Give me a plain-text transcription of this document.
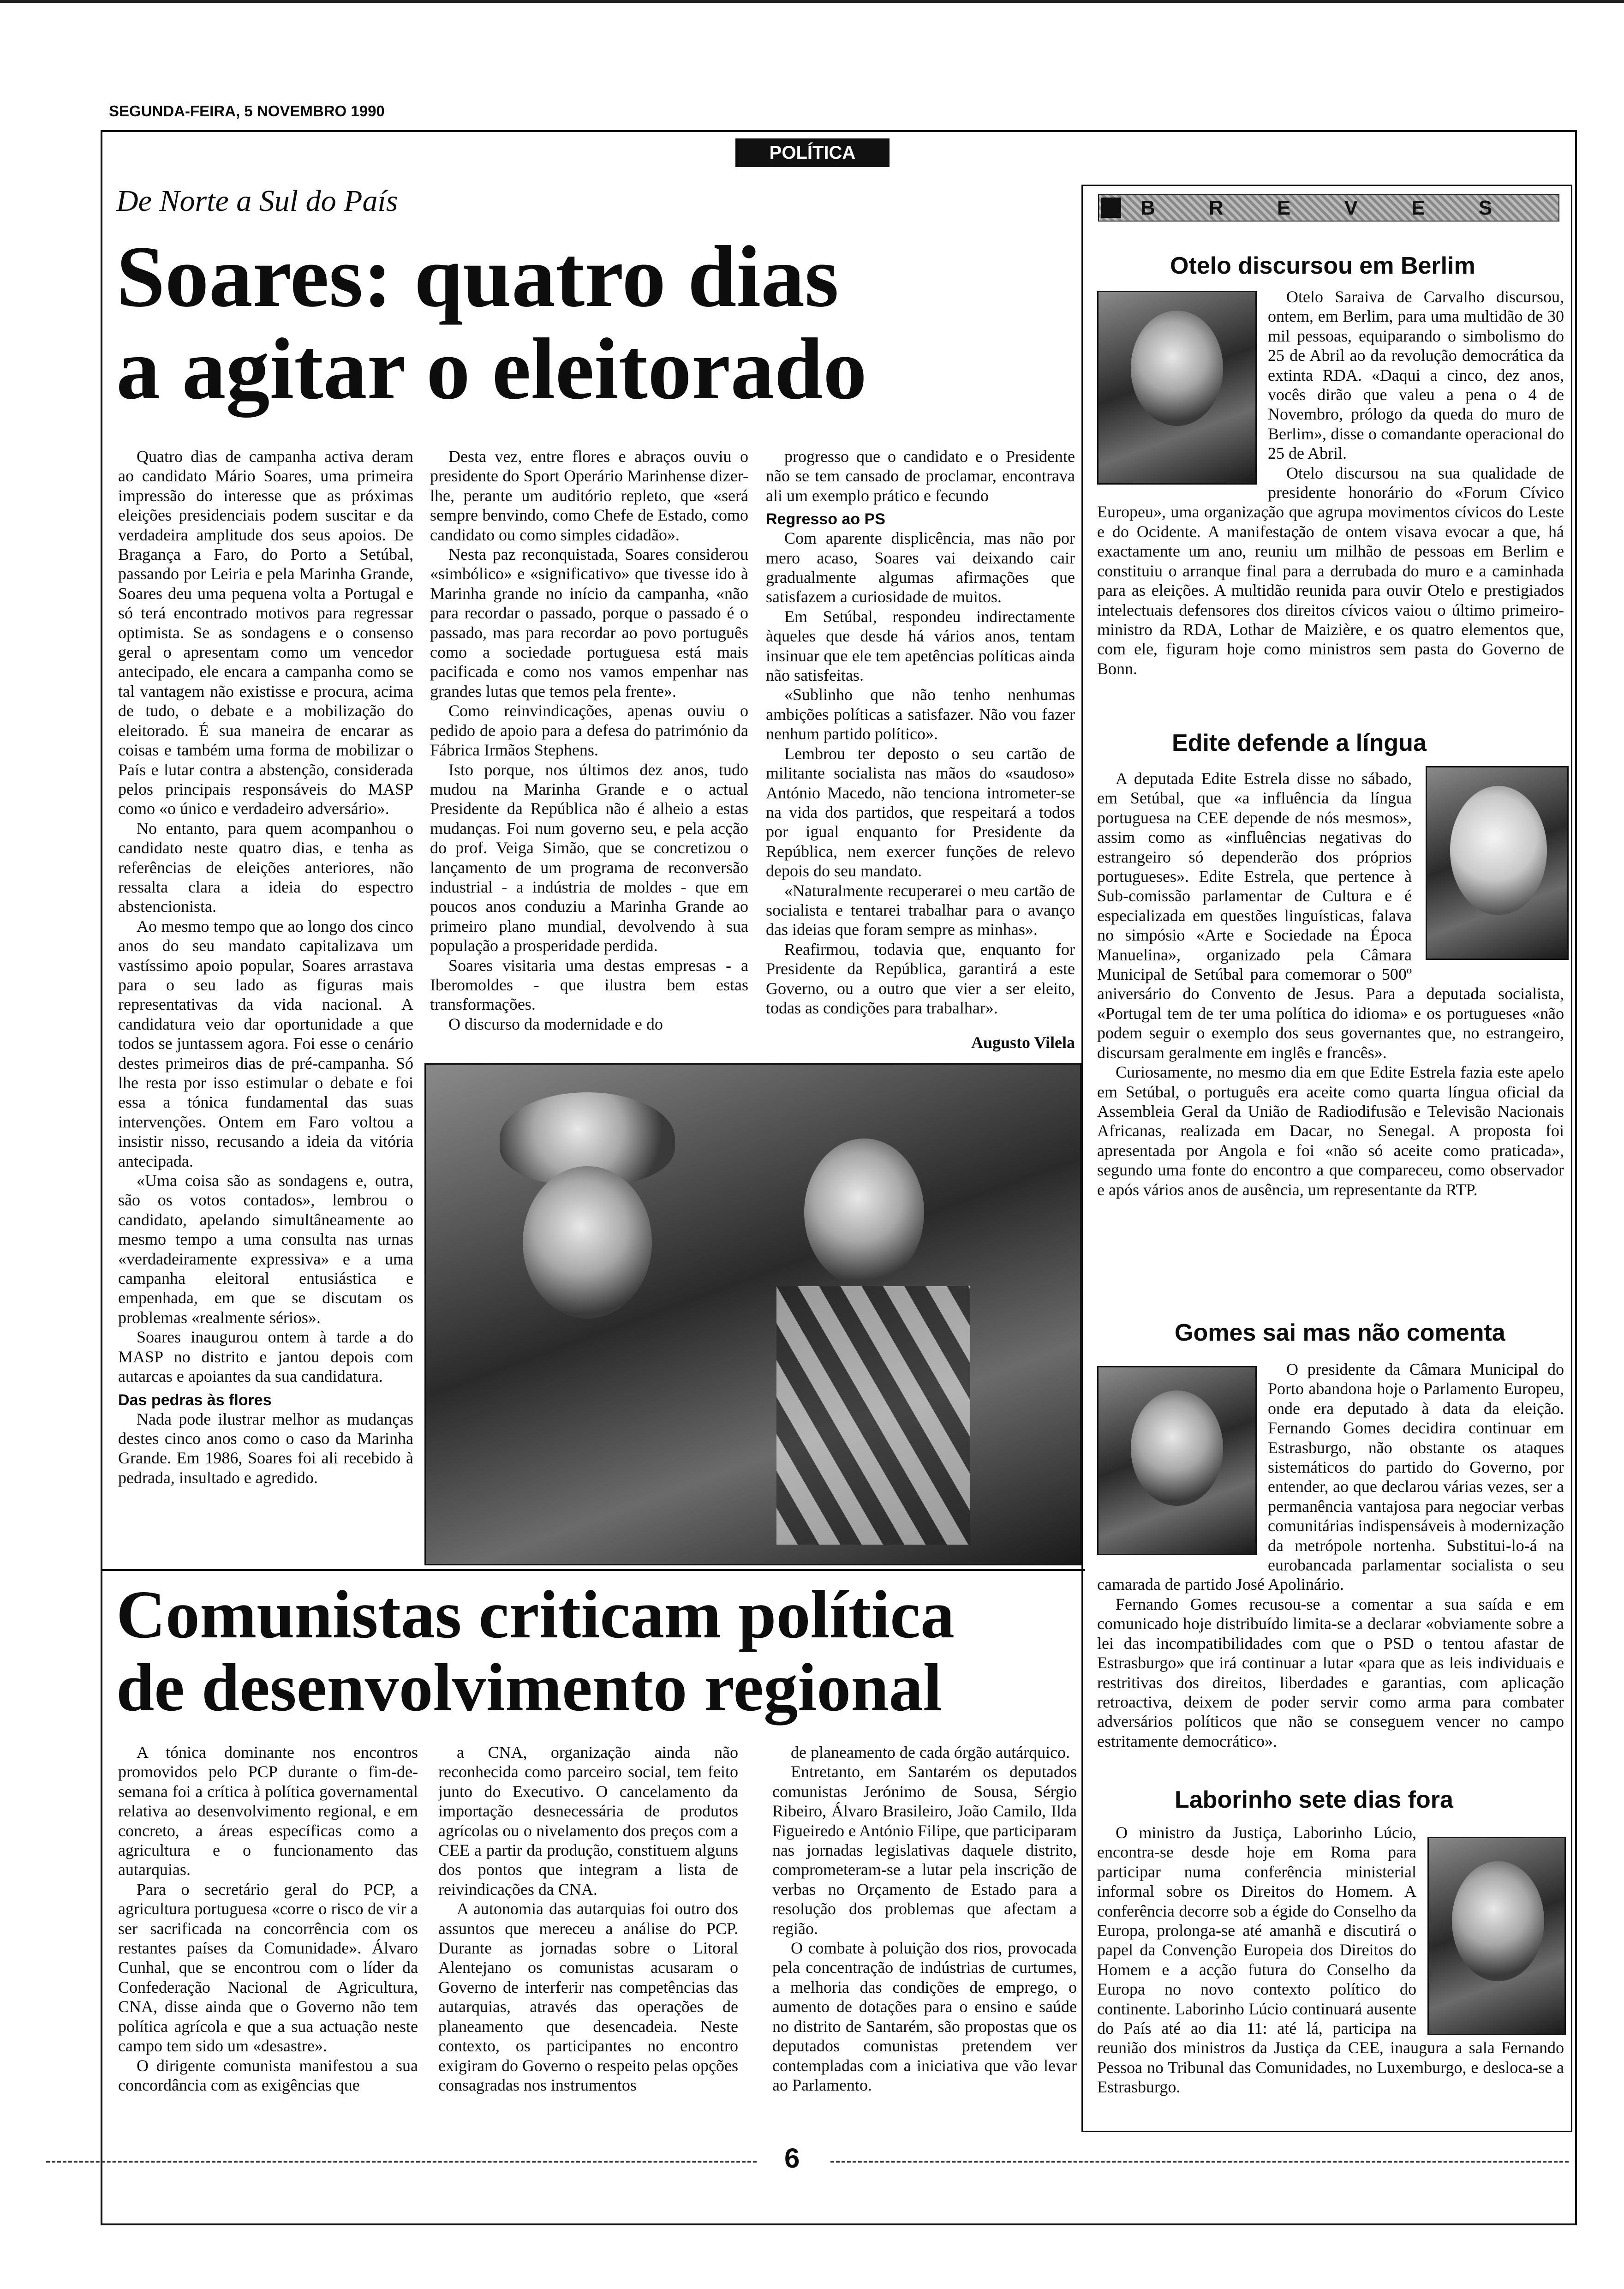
SEGUNDA-FEIRA, 5 NOVEMBRO 1990
POLÍTICA
De Norte a Sul do País
Soares: quatro dias
a agitar o eleitorado

Quatro dias de campanha activa deram ao candidato Mário Soares, uma primeira impressão do interesse que as próximas eleições presidenciais podem suscitar e da verdadeira amplitude dos seus apoios. De Bragança a Faro, do Porto a Setúbal, passando por Leiria e pela Marinha Grande, Soares deu uma pequena volta a Portugal e só terá encontrado motivos para regressar optimista. Se as sondagens e o consenso geral o apresentam como um vencedor antecipado, ele encara a campanha como se tal vantagem não existisse e procura, acima de tudo, o debate e a mobilização do eleitorado. É sua maneira de encarar as coisas e também uma forma de mobilizar o País e lutar contra a abstenção, considerada pelos principais responsáveis do MASP como «o único e verdadeiro adversário».

No entanto, para quem acompanhou o candidato neste quatro dias, e tenha as referências de eleições anteriores, não ressalta clara a ideia do espectro abstencionista.

Ao mesmo tempo que ao longo dos cinco anos do seu mandato capitalizava um vastíssimo apoio popular, Soares arrastava para o seu lado as figuras mais representativas da vida nacional. A candidatura veio dar oportunidade a que todos se juntassem agora. Foi esse o cenário destes primeiros dias de pré-campanha. Só lhe resta por isso estimular o debate e foi essa a tónica fundamental das suas intervenções. Ontem em Faro voltou a insistir nisso, recusando a ideia da vitória antecipada.

«Uma coisa são as sondagens e, outra, são os votos contados», lembrou o candidato, apelando simultâneamente ao mesmo tempo a uma consulta nas urnas «verdadeiramente expressiva» e a uma campanha eleitoral entusiástica e empenhada, em que se discutam os problemas «realmente sérios».

Soares inaugurou ontem à tarde a do MASP no distrito e jantou depois com autarcas e apoiantes da sua candidatura.

Das pedras às flores

Nada pode ilustrar melhor as mudanças destes cinco anos como o caso da Marinha Grande. Em 1986, Soares foi ali recebido à pedrada, insultado e agredido.

Desta vez, entre flores e abraços ouviu o presidente do Sport Operário Marinhense dizer-lhe, perante um auditório repleto, que «será sempre benvindo, como Chefe de Estado, como candidato ou como simples cidadão».

Nesta paz reconquistada, Soares considerou «simbólico» e «significativo» que tivesse ido à Marinha grande no início da campanha, «não para recordar o passado, porque o passado é o passado, mas para recordar ao povo português como a sociedade portuguesa está mais pacificada e como nos vamos empenhar nas grandes lutas que temos pela frente».

Como reinvindicações, apenas ouviu o pedido de apoio para a defesa do património da Fábrica Irmãos Stephens.

Isto porque, nos últimos dez anos, tudo mudou na Marinha Grande e o actual Presidente da República não é alheio a estas mudanças. Foi num governo seu, e pela acção do prof. Veiga Simão, que se concretizou o lançamento de um programa de reconversão industrial - a indústria de moldes - que em poucos anos conduziu a Marinha Grande ao primeiro plano mundial, devolvendo à sua população a prosperidade perdida.

Soares visitaria uma destas empresas - a Iberomoldes - que ilustra bem estas transformações.

O discurso da modernidade e do

progresso que o candidato e o Presidente não se tem cansado de proclamar, encontrava ali um exemplo prático e fecundo

Regresso ao PS

Com aparente displicência, mas não por mero acaso, Soares vai deixando cair gradualmente algumas afirmações que satisfazem a curiosidade de muitos.

Em Setúbal, respondeu indirectamente àqueles que desde há vários anos, tentam insinuar que ele tem apetências políticas ainda não satisfeitas.

«Sublinho que não tenho nenhumas ambições políticas a satisfazer. Não vou fazer nenhum partido político».

Lembrou ter deposto o seu cartão de militante socialista nas mãos do «saudoso» António Macedo, não tenciona intrometer-se na vida dos partidos, que respeitará a todos por igual enquanto for Presidente da República, nem exercer funções de relevo depois do seu mandato.

«Naturalmente recuperarei o meu cartão de socialista e tentarei trabalhar para o avanço das ideias que foram sempre as minhas».

Reafirmou, todavia que, enquanto for Presidente da República, garantirá a este Governo, ou a outro que vier a ser eleito, todas as condições para trabalhar».

Augusto Vilela
Comunistas criticam política
de desenvolvimento regional

A tónica dominante nos encontros promovidos pelo PCP durante o fim-de-semana foi a crítica à política governamental relativa ao desenvolvimento regional, e em concreto, a áreas específicas como a agricultura e o funcionamento das autarquias.

Para o secretário geral do PCP, a agricultura portuguesa «corre o risco de vir a ser sacrificada na concorrência com os restantes países da Comunidade». Álvaro Cunhal, que se encontrou com o líder da Confederação Nacional de Agricultura, CNA, disse ainda que o Governo não tem política agrícola e que a sua actuação neste campo tem sido um «desastre».

O dirigente comunista manifestou a sua concordância com as exigências que

a CNA, organização ainda não reconhecida como parceiro social, tem feito junto do Executivo. O cancelamento da importação desnecessária de produtos agrícolas ou o nivelamento dos preços com a CEE a partir da produção, constituem alguns dos pontos que integram a lista de reivindicações da CNA.

A autonomia das autarquias foi outro dos assuntos que mereceu a análise do PCP. Durante as jornadas sobre o Litoral Alentejano os comunistas acusaram o Governo de interferir nas competências das autarquias, através das operações de planeamento que desencadeia. Neste contexto, os participantes no encontro exigiram do Governo o respeito pelas opções consagradas nos instrumentos

de planeamento de cada órgão autárquico.

Entretanto, em Santarém os deputados comunistas Jerónimo de Sousa, Sérgio Ribeiro, Álvaro Brasileiro, João Camilo, Ilda Figueiredo e António Filipe, que participaram nas jornadas legislativas daquele distrito, comprometeram-se a lutar pela inscrição de verbas no Orçamento de Estado para a resolução dos problemas que afectam a região.

O combate à poluição dos rios, provocada pela concentração de indústrias de curtumes, a melhoria das condições de emprego, o aumento de dotações para o ensino e saúde no distrito de Santarém, são propostas que os deputados comunistas pretendem ver contempladas com a iniciativa que vão levar ao Parlamento.

B R E V E S
Otelo discursou em Berlim

Otelo Saraiva de Carvalho discursou, ontem, em Berlim, para uma multidão de 30 mil pessoas, equiparando o simbolismo do 25 de Abril ao da revolução democrática da extinta RDA. «Daqui a cinco, dez anos, vocês dirão que valeu a pena o 4 de Novembro, prólogo da queda do muro de Berlim», disse o comandante operacional do 25 de Abril.

Otelo discursou na sua qualidade de presidente honorário do «Forum Cívico Europeu», uma organização que agrupa movimentos cívicos do Leste e do Ocidente. A manifestação de ontem visava evocar a que, há exactamente um ano, reuniu um milhão de pessoas em Berlim e constituiu o arranque final para a derrubada do muro e a caminhada para as eleições. A multidão reunida para ouvir Otelo e prestigiados intelectuais defensores dos direitos cívicos vaiou o último primeiro-ministro da RDA, Lothar de Maizière, e os quatro elementos que, com ele, figuram hoje como ministros sem pasta do Governo de Bonn.

Edite defende a língua

A deputada Edite Estrela disse no sábado, em Setúbal, que «a influência da língua portuguesa na CEE depende de nós mesmos», assim como as «influências negativas do estrangeiro só dependerão dos próprios portugueses». Edite Estrela, que pertence à Sub-comissão parlamentar de Cultura e é especializada em questões linguísticas, falava no simpósio «Arte e Sociedade na Época Manuelina», organizado pela Câmara Municipal de Setúbal para comemorar o 500º aniversário do Convento de Jesus. Para a deputada socialista, «Portugal tem de ter uma política do idioma» e os portugueses «não podem seguir o exemplo dos seus governantes que, no estrangeiro, discursam geralmente em inglês e francês».

Curiosamente, no mesmo dia em que Edite Estrela fazia este apelo em Setúbal, o português era aceite como quarta língua oficial da Assembleia Geral da União de Radiodifusão e Televisão Nacionais Africanas, realizada em Dacar, no Senegal. A proposta foi apresentada por Angola e foi «não só aceite como praticada», segundo uma fonte do encontro a que compareceu, como observador e após vários anos de ausência, um representante da RTP.

Gomes sai mas não comenta

O presidente da Câmara Municipal do Porto abandona hoje o Parlamento Europeu, onde era deputado à data da eleição. Fernando Gomes decidira continuar em Estrasburgo, não obstante os ataques sistemáticos do partido do Governo, por entender, ao que declarou várias vezes, ser a permanência vantajosa para negociar verbas comunitárias indispensáveis à modernização da metrópole nortenha. Substitui-lo-á na eurobancada parlamentar socialista o seu camarada de partido José Apolinário.

Fernando Gomes recusou-se a comentar a sua saída e em comunicado hoje distribuído limita-se a declarar «obviamente sobre a lei das incompatibilidades com que o PSD o tentou afastar de Estrasburgo» que irá continuar a lutar «para que as leis individuais e restritivas dos direitos, liberdades e garantias, com aplicação retroactiva, deixem de poder servir como arma para combater adversários políticos que não se conseguem vencer no campo estritamente democrático».

Laborinho sete dias fora

O ministro da Justiça, Laborinho Lúcio, encontra-se desde hoje em Roma para participar numa conferência ministerial informal sobre os Direitos do Homem. A conferência decorre sob a égide do Conselho da Europa, prolonga-se até amanhã e discutirá o papel da Convenção Europeia dos Direitos do Homem e a acção futura do Conselho da Europa no novo contexto político do continente. Laborinho Lúcio continuará ausente do País até ao dia 11: até lá, participa na reunião dos ministros da Justiça da CEE, inaugura a sala Fernando Pessoa no Tribunal das Comunidades, no Luxemburgo, e desloca-se a Estrasburgo.

6
